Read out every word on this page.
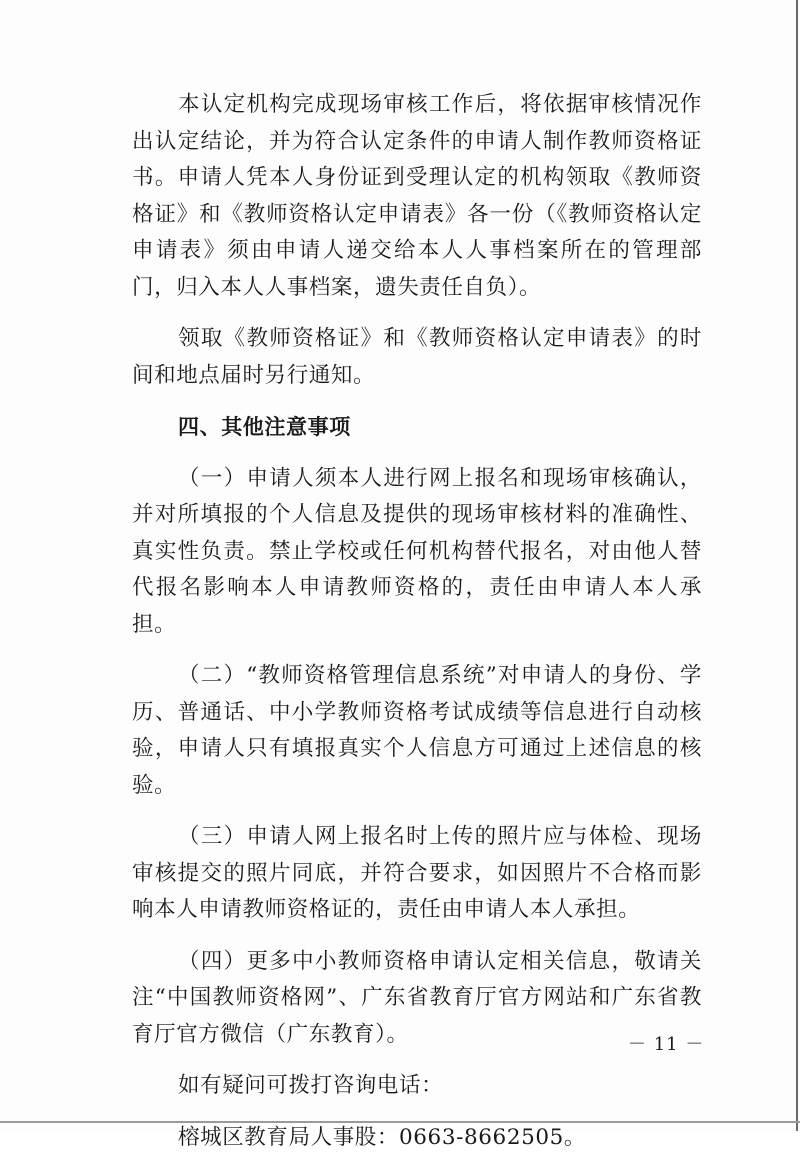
本认定机构完成现场审核工作后，将依据审核情况作出认定结论，并为符合认定条件的申请人制作教师资格证书。申请人凭本人身份证到受理认定的机构领取《教师资格证》和《教师资格认定申请表》各一份（《教师资格认定申请表》须由申请人递交给本人人事档案所在的管理部门，归入本人人事档案，遗失责任自负）。

领取《教师资格证》和《教师资格认定申请表》的时间和地点届时另行通知。

四、其他注意事项

（一）申请人须本人进行网上报名和现场审核确认，并对所填报的个人信息及提供的现场审核材料的准确性、真实性负责。禁止学校或任何机构替代报名，对由他人替代报名影响本人申请教师资格的，责任由申请人本人承担。

（二）“教师资格管理信息系统”对申请人的身份、学历、普通话、中小学教师资格考试成绩等信息进行自动核验，申请人只有填报真实个人信息方可通过上述信息的核验。

（三）申请人网上报名时上传的照片应与体检、现场审核提交的照片同底，并符合要求，如因照片不合格而影响本人申请教师资格证的，责任由申请人本人承担。

（四）更多中小教师资格申请认定相关信息，敬请关注“中国教师资格网”、广东省教育厅官方网站和广东省教育厅官方微信（广东教育）。

如有疑问可拨打咨询电话：

榕城区教育局人事股：0663-8662505。

－ 11 －
